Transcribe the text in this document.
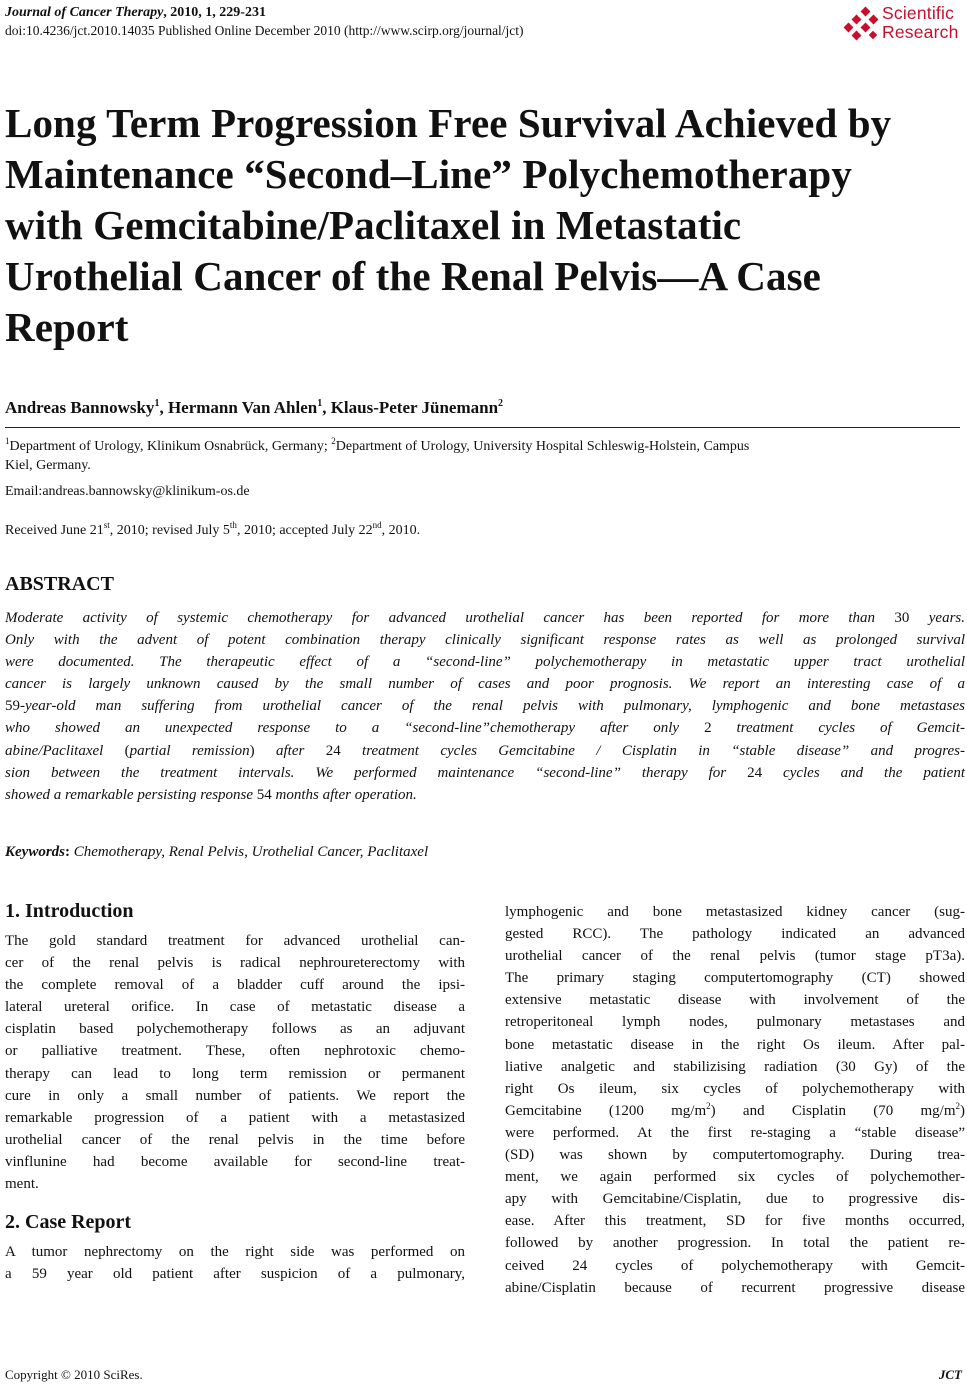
Journal of Cancer Therapy, 2010, 1, 229-231
doi:10.4236/jct.2010.14035 Published Online December 2010 (http://www.scirp.org/journal/jct)
Scientific
Research
Long Term Progression Free Survival Achieved by
Maintenance “Second–Line” Polychemotherapy
with Gemcitabine/Paclitaxel in Metastatic
Urothelial Cancer of the Renal Pelvis—A Case
Report
Andreas Bannowsky$^1$, Hermann Van Ahlen$^1$, Klaus-Peter Jünemann$^2$
$^1$Department of Urology, Klinikum Osnabrück, Germany; $^2$Department of Urology, University Hospital Schleswig-Holstein, Campus
Kiel, Germany.
Email:andreas.bannowsky@klinikum-os.de
Received June 21st, 2010; revised July 5th, 2010; accepted July 22nd, 2010.
ABSTRACT
Moderate activity of systemic chemotherapy for advanced urothelial cancer has been reported for more than 30 years.
Only with the advent of potent combination therapy clinically significant response rates as well as prolonged survival
were documented. The therapeutic effect of a “second-line” polychemotherapy in metastatic upper tract urothelial
cancer is largely unknown caused by the small number of cases and poor prognosis. We report an interesting case of a
59-year-old man suffering from urothelial cancer of the renal pelvis with pulmonary, lymphogenic and bone metastases
who showed an unexpected response to a “second-line”chemotherapy after only 2 treatment cycles of Gemcit-
abine/Paclitaxel (partial remission) after 24 treatment cycles Gemcitabine / Cisplatin in “stable disease” and progres-
sion between the treatment intervals. We performed maintenance “second-line” therapy for 24 cycles and the patient
showed a remarkable persisting response 54 months after operation.
Keywords: Chemotherapy, Renal Pelvis, Urothelial Cancer, Paclitaxel
1. Introduction
The gold standard treatment for advanced urothelial can-
cer of the renal pelvis is radical nephroureterectomy with
the complete removal of a bladder cuff around the ipsi-
lateral ureteral orifice. In case of metastatic disease a
cisplatin based polychemotherapy follows as an adjuvant
or palliative treatment. These, often nephrotoxic chemo-
therapy can lead to long term remission or permanent
cure in only a small number of patients. We report the
remarkable progression of a patient with a metastasized
urothelial cancer of the renal pelvis in the time before
vinflunine had become available for second-line treat-
ment.
2. Case Report
A tumor nephrectomy on the right side was performed on
a 59 year old patient after suspicion of a pulmonary,
lymphogenic and bone metastasized kidney cancer (sug-
gested RCC). The pathology indicated an advanced
urothelial cancer of the renal pelvis (tumor stage pT3a).
The primary staging computertomography (CT) showed
extensive metastatic disease with involvement of the
retroperitoneal lymph nodes, pulmonary metastases and
bone metastatic disease in the right Os ileum. After pal-
liative analgetic and stabilizising radiation (30 Gy) of the
right Os ileum, six cycles of polychemotherapy with
Gemcitabine (1200 $mg/m^2$) and Cisplatin (70 $mg/m^2$)
were performed. At the first re-staging a “stable disease”
(SD) was shown by computertomography. During trea-
ment, we again performed six cycles of polychemother-
apy with Gemcitabine/Cisplatin, due to progressive dis-
ease. After this treatment, SD for five months occurred,
followed by another progression. In total the patient re-
ceived 24 cycles of polychemotherapy with Gemcit-
abine/Cisplatin because of recurrent progressive disease
Copyright © 2010 SciRes.	JCT
